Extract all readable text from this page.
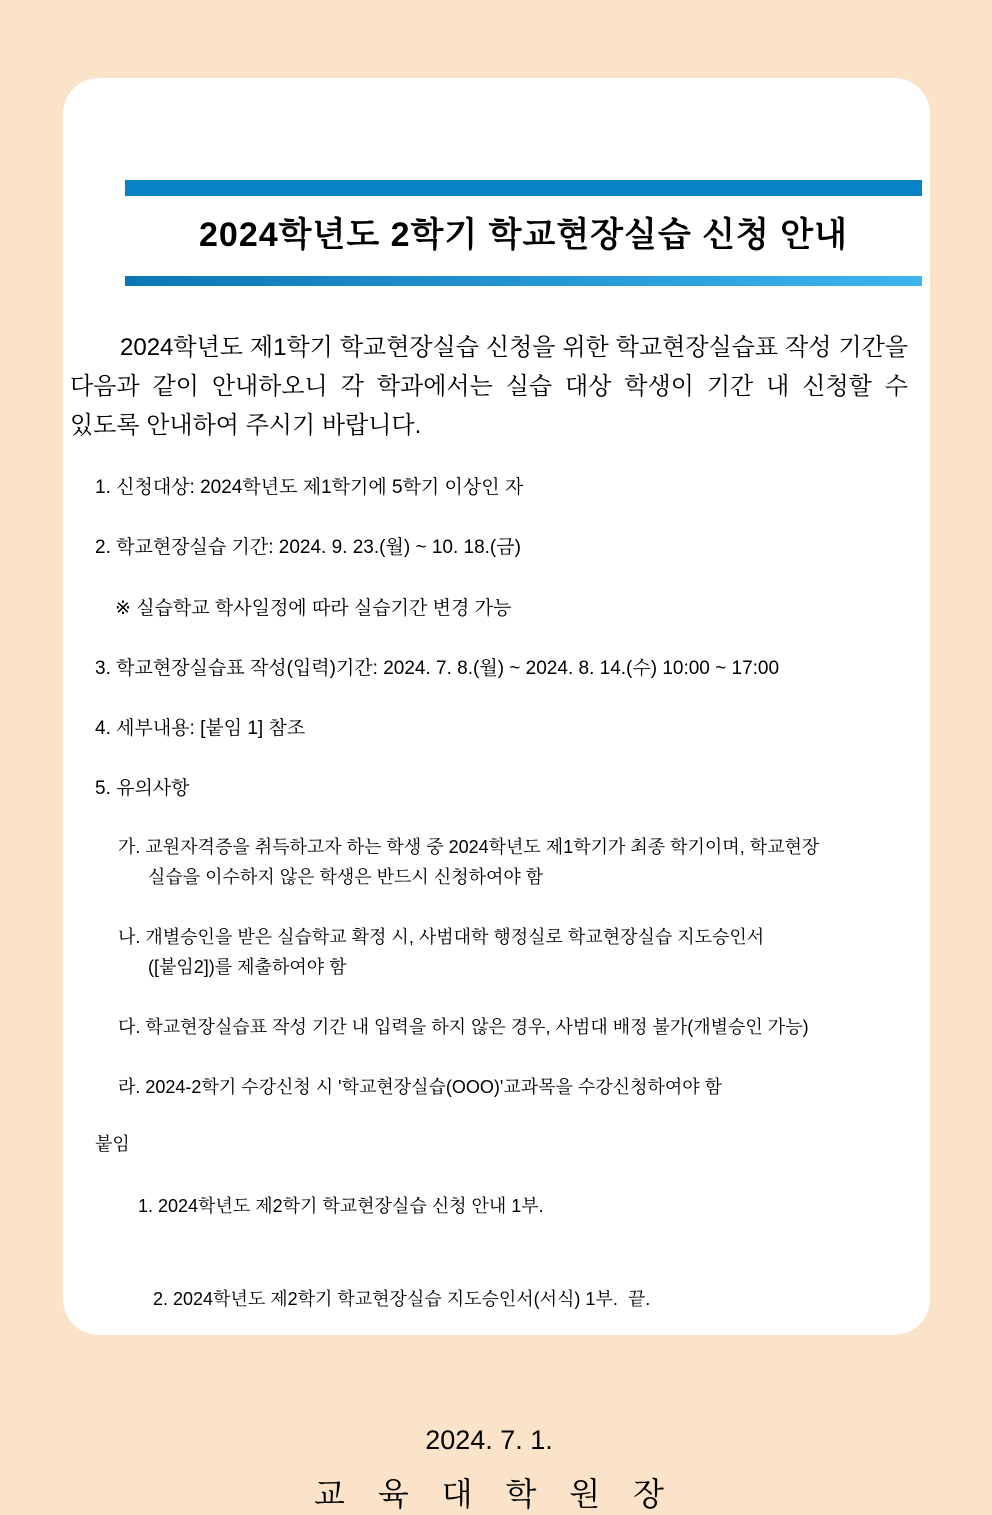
2024학년도 2학기 학교현장실습 신청 안내

2024학년도 제1학기 학교현장실습 신청을 위한 학교현장실습표 작성 기간을 다음과 같이 안내하오니 각 학과에서는 실습 대상 학생이 기간 내 신청할 수 있도록 안내하여 주시기 바랍니다.

1. 신청대상: 2024학년도 제1학기에 5학기 이상인 자
2. 학교현장실습 기간: 2024. 9. 23.(월) ~ 10. 18.(금)
※ 실습학교 학사일정에 따라 실습기간 변경 가능
3. 학교현장실습표 작성(입력)기간: 2024. 7. 8.(월) ~ 2024. 8. 14.(수) 10:00 ~ 17:00
4. 세부내용: [붙임 1] 참조
5. 유의사항
가. 교원자격증을 취득하고자 하는 학생 중 2024학년도 제1학기가 최종 학기이며, 학교현장
실습을 이수하지 않은 학생은 반드시 신청하여야 함
나. 개별승인을 받은 실습학교 확정 시, 사범대학 행정실로 학교현장실습 지도승인서
([붙임2])를 제출하여야 함
다. 학교현장실습표 작성 기간 내 입력을 하지 않은 경우, 사범대 배정 불가(개별승인 가능)
라. 2024-2학기 수강신청 시 '학교현장실습(OOO)'교과목을 수강신청하여야 함
붙임

1. 2024학년도 제2학기 학교현장실습 신청 안내 1부.

2. 2024학년도 제2학기 학교현장실습 지도승인서(서식) 1부.  끝.

2024. 7. 1.
교 육 대 학 원 장
